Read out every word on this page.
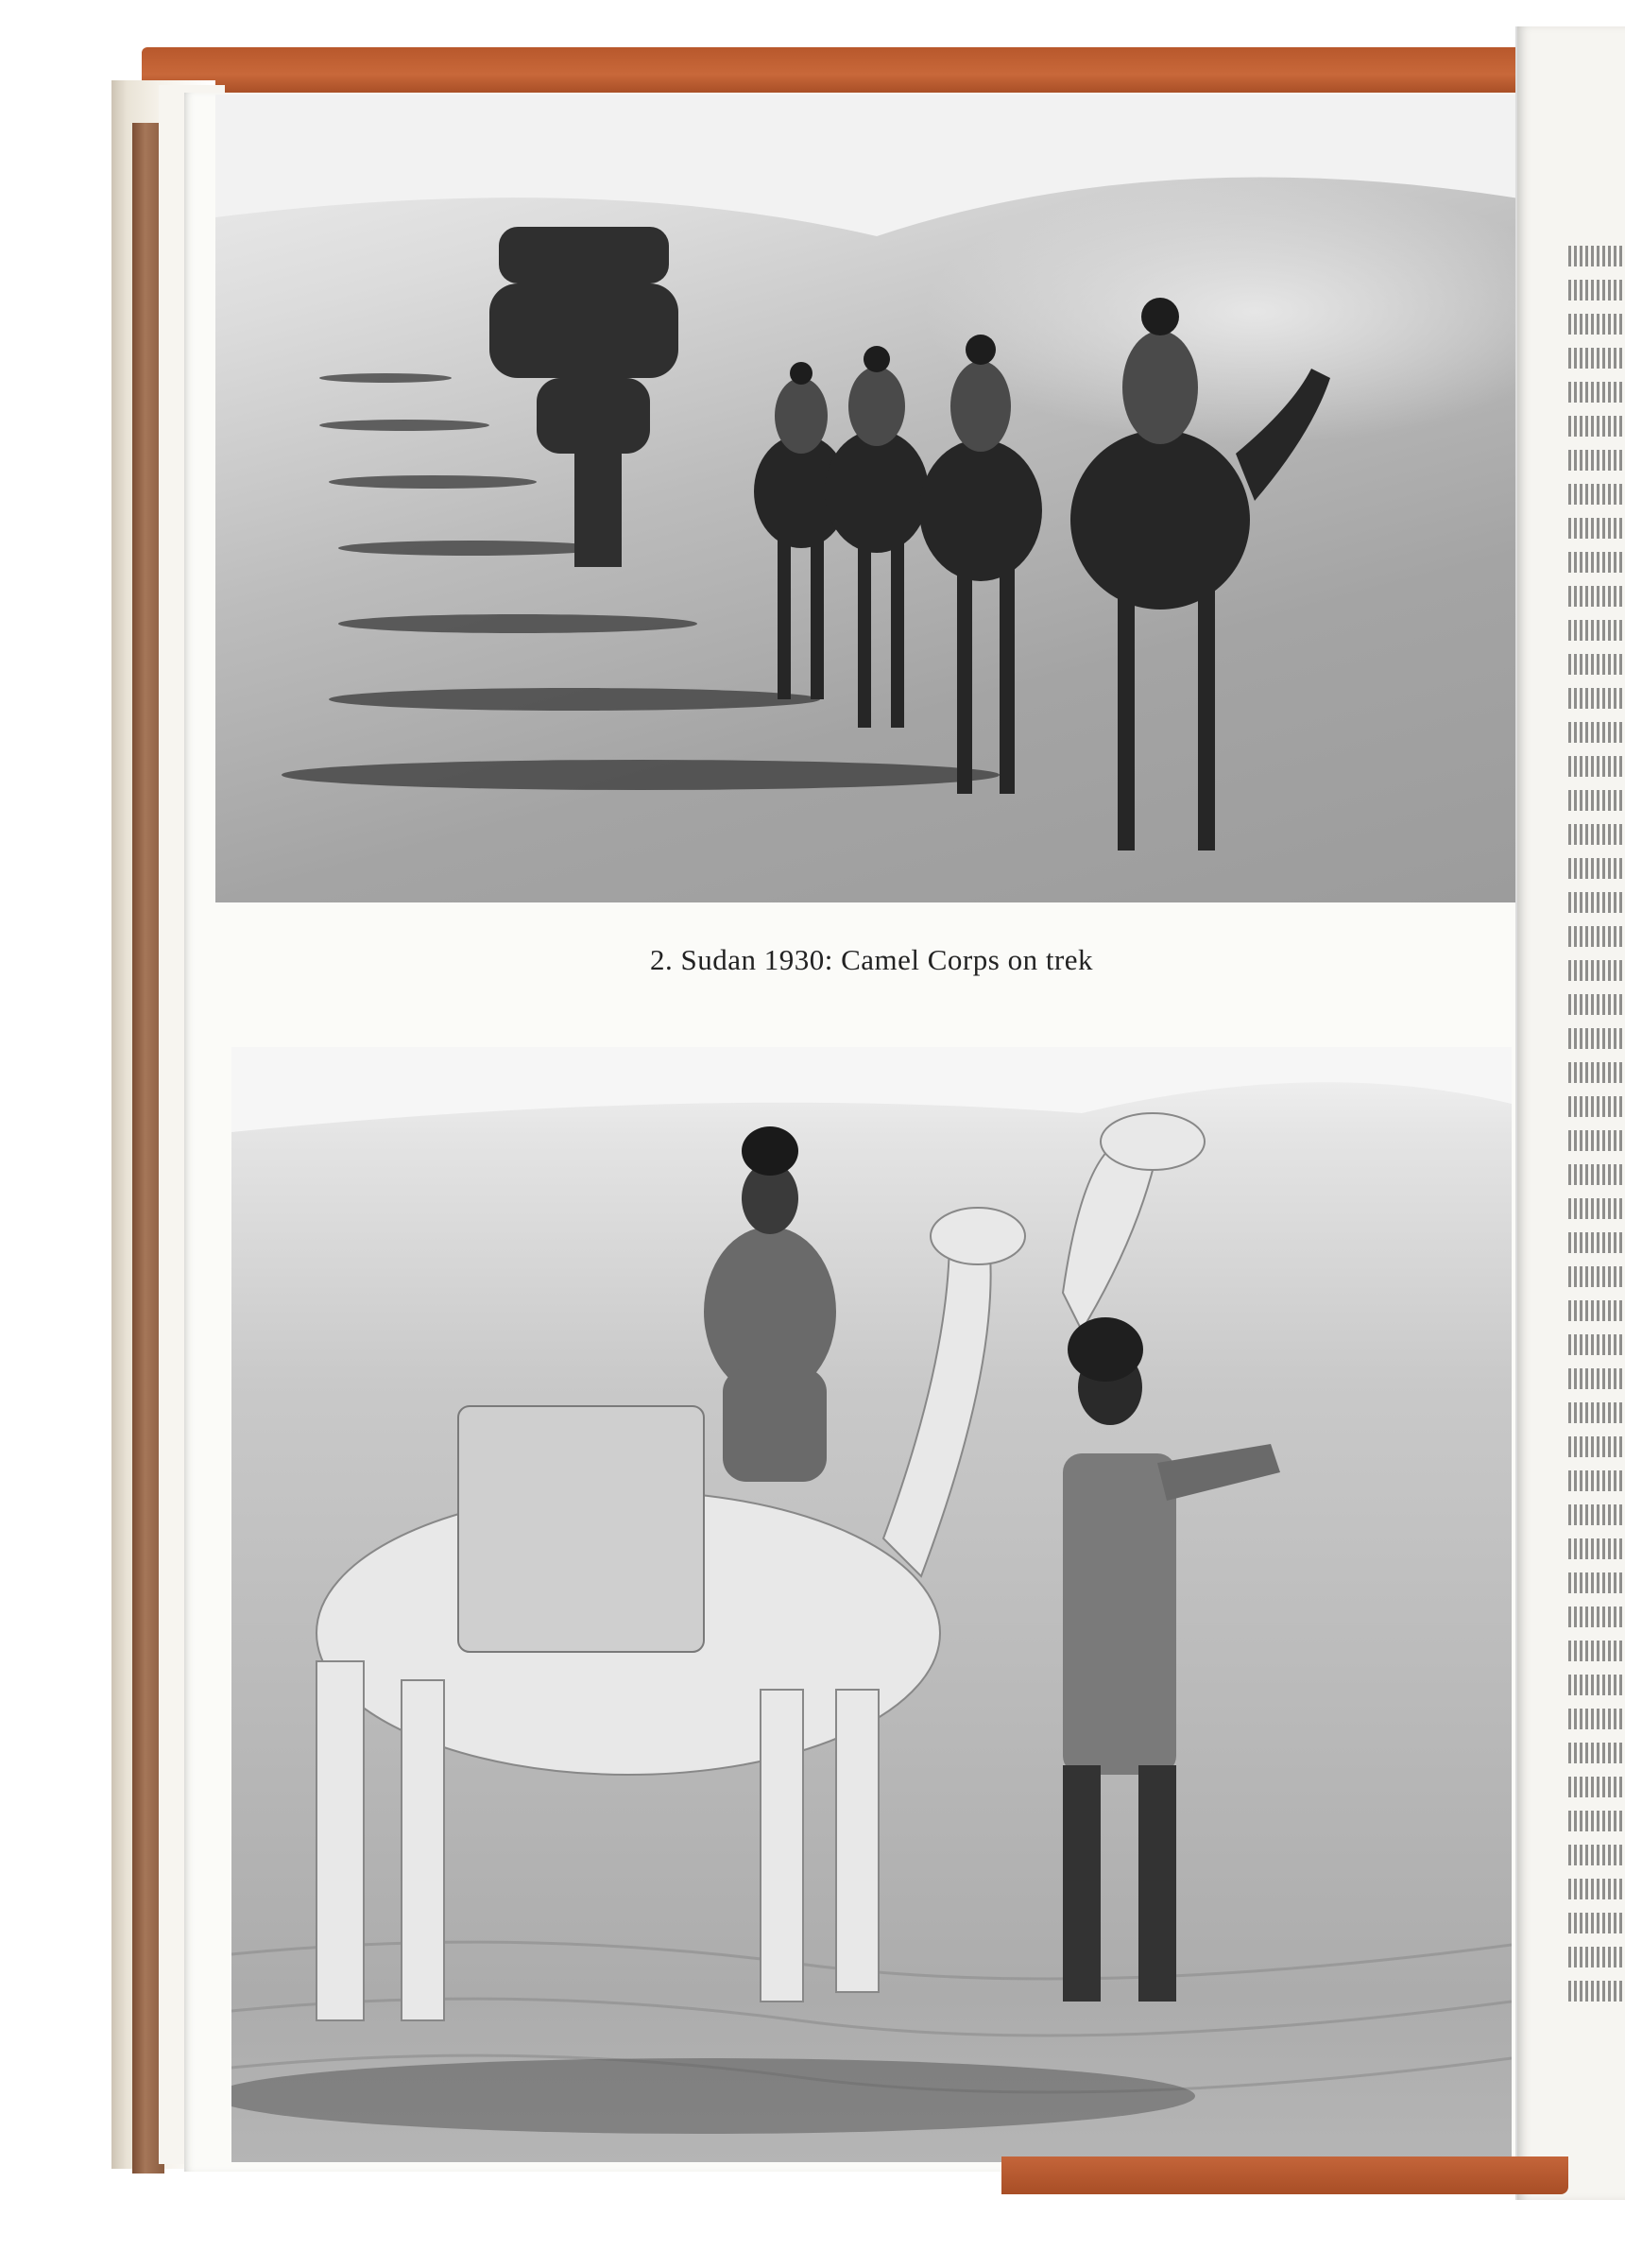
2. Sudan 1930: Camel Corps on trek
